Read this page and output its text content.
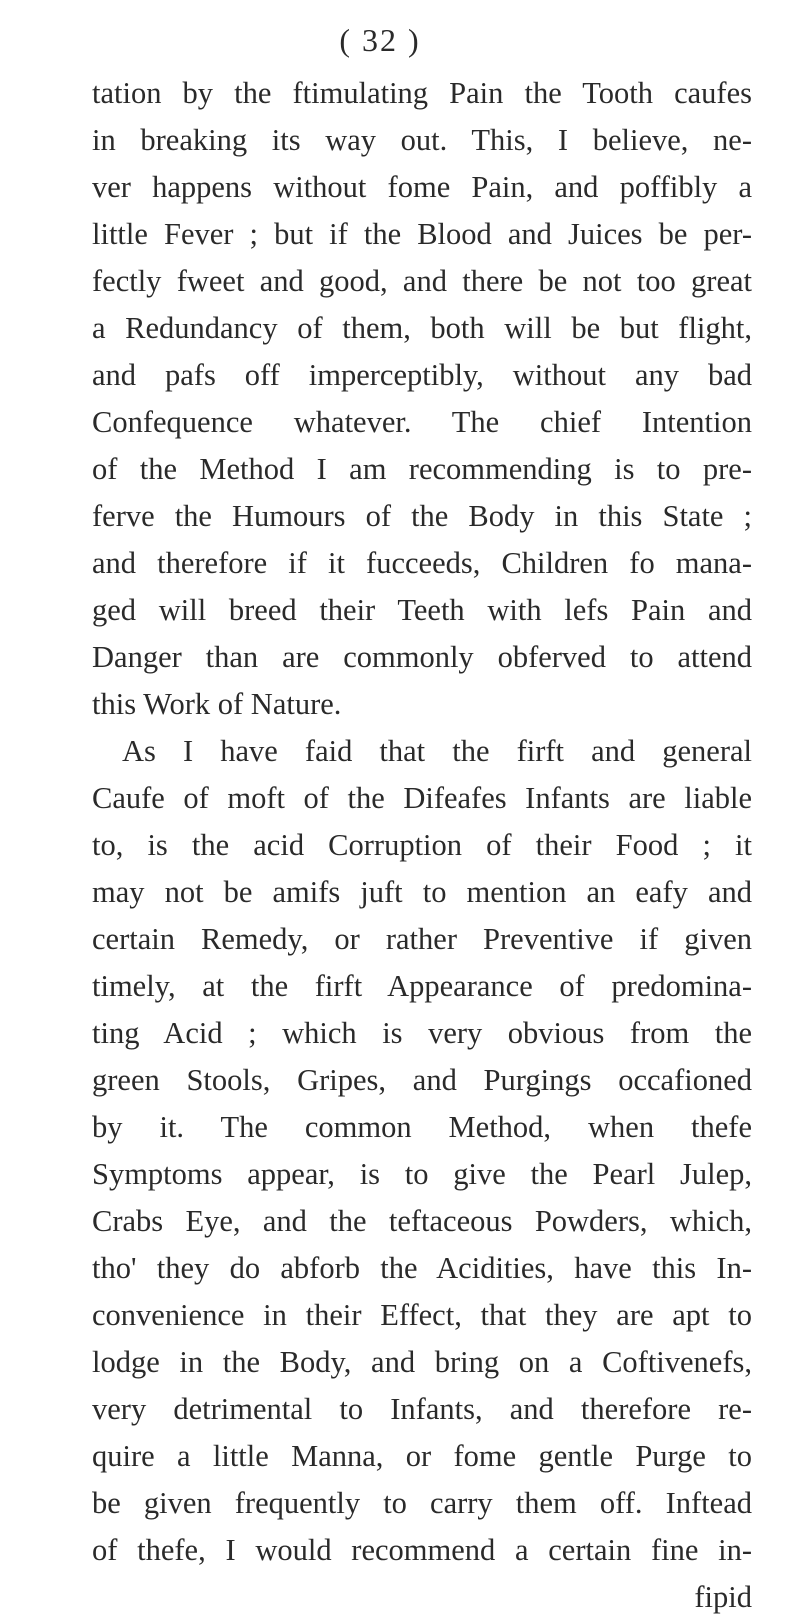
( 32 )
tation by the ftimulating Pain the Tooth caufes
in breaking its way out. This, I believe, ne-
ver happens without fome Pain, and poffibly a
little Fever ; but if the Blood and Juices be per-
fectly fweet and good, and there be not too great
a Redundancy of them, both will be but flight,
and pafs off imperceptibly, without any bad
Confequence whatever. The chief Intention
of the Method I am recommending is to pre-
ferve the Humours of the Body in this State ;
and therefore if it fucceeds, Children fo mana-
ged will breed their Teeth with lefs Pain and
Danger than are commonly obferved to attend
this Work of Nature.
As I have faid that the firft and general
Caufe of moft of the Difeafes Infants are liable
to, is the acid Corruption of their Food ; it
may not be amifs juft to mention an eafy and
certain Remedy, or rather Preventive if given
timely, at the firft Appearance of predomina-
ting Acid ; which is very obvious from the
green Stools, Gripes, and Purgings occafioned
by it. The common Method, when thefe
Symptoms appear, is to give the Pearl Julep,
Crabs Eye, and the teftaceous Powders, which,
tho' they do abforb the Acidities, have this In-
convenience in their Effect, that they are apt to
lodge in the Body, and bring on a Coftivenefs,
very detrimental to Infants, and therefore re-
quire a little Manna, or fome gentle Purge to
be given frequently to carry them off. Inftead
of thefe, I would recommend a certain fine in-
fipid
